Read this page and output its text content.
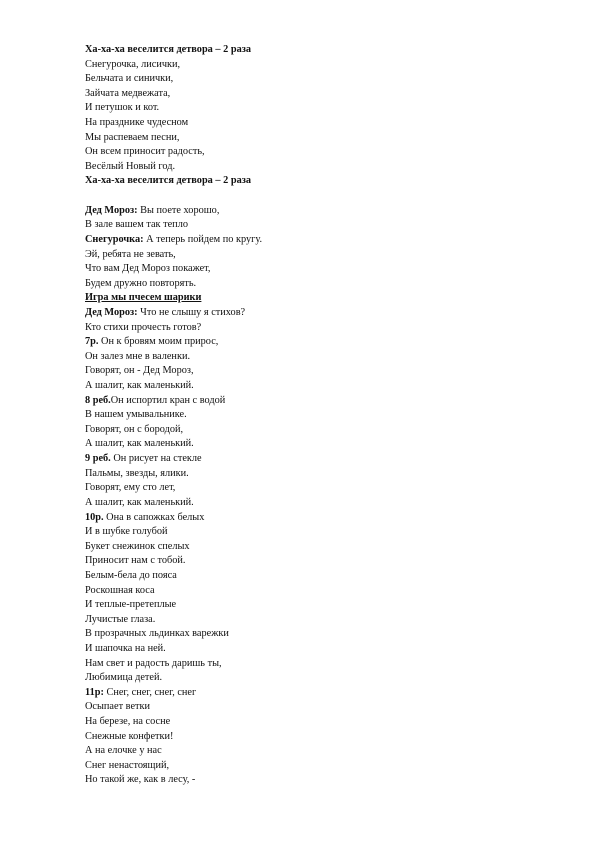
Ха-ха-ха веселится детвора – 2 раза
Снегурочка, лисички,
Бельчата и синички,
Зайчата медвежата,
И петушок и кот.
На празднике чудесном
Мы распеваем песни,
Он всем приносит радость,
Весёлый Новый год.
Ха-ха-ха веселится детвора – 2 раза
Дед Мороз: Вы поете хорошо,
В зале вашем так тепло
Снегурочка: А теперь пойдем по кругу.
Эй, ребята не зевать,
Что вам Дед Мороз покажет,
Будем дружно повторять.
Игра мы пчесем шарики
Дед Мороз: Что не слышу я стихов?
Кто стихи прочесть готов?
7р. Он к бровям моим прирос,
Он залез мне в валенки.
Говорят, он - Дед Мороз,
А шалит, как маленький.
8 реб.Он испортил кран с водой
В нашем умывальнике.
Говорят, он с бородой,
А шалит, как маленький.
9 реб. Он рисует на стекле
Пальмы, звезды, ялики.
Говорят, ему сто лет,
А шалит, как маленький.
10р. Она в сапожках белых
И в шубке голубой
Букет снежинок спелых
Приносит нам с тобой.
Белым-бела до пояса
Роскошная коса
И теплые-претеплые
Лучистые глаза.
В прозрачных льдинках варежки
И шапочка на ней.
Нам свет и радость даришь ты,
Любимица детей.
11р: Снег, снег, снег, снег
Осыпает ветки
На березе, на сосне
Снежные конфетки!
А на елочке у нас
Снег ненастоящий,
Но такой же, как в лесу, -
